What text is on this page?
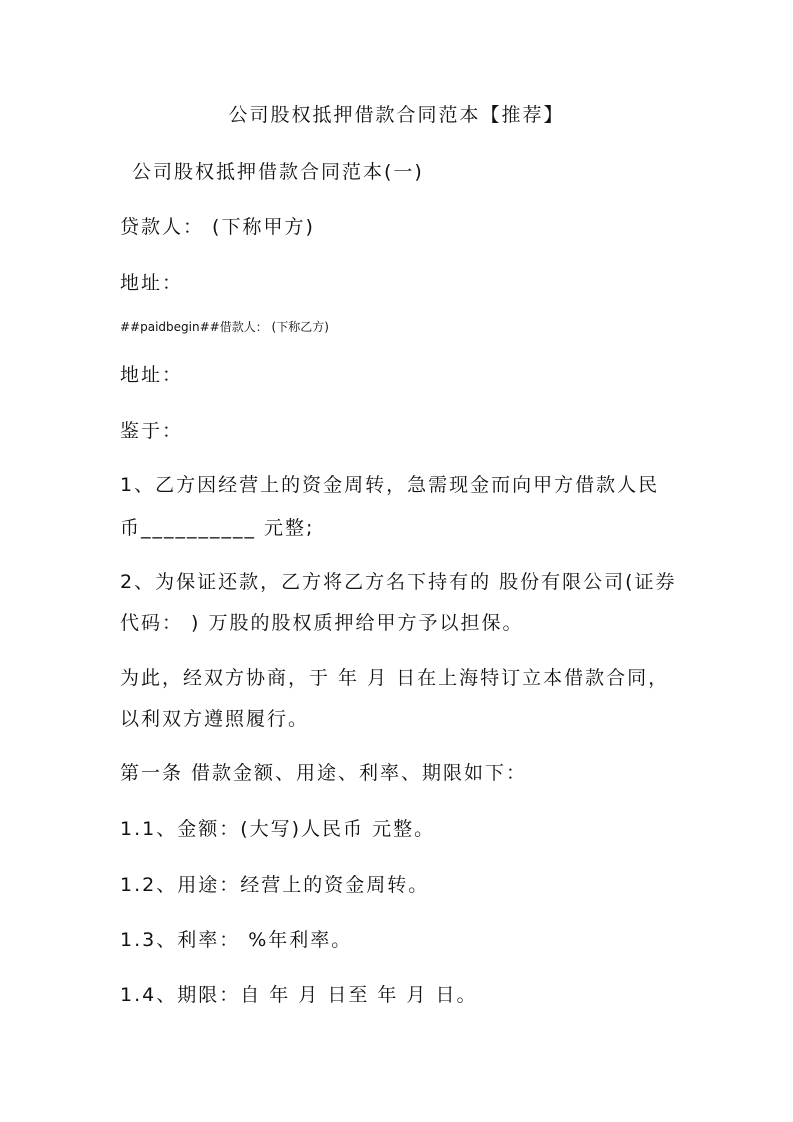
公司股权抵押借款合同范本【推荐】
公司股权抵押借款合同范本(一)
贷款人： (下称甲方)
地址：
##paidbegin##借款人： (下称乙方)
地址：
鉴于：
1、乙方因经营上的资金周转，急需现金而向甲方借款人民
币__________ 元整;
2、为保证还款，乙方将乙方名下持有的 股份有限公司(证券
代码： ) 万股的股权质押给甲方予以担保。
为此，经双方协商，于 年 月 日在上海特订立本借款合同，
以利双方遵照履行。
第一条 借款金额、用途、利率、期限如下：
1.1、金额：(大写)人民币 元整。
1.2、用途：经营上的资金周转。
1.3、利率： %年利率。
1.4、期限：自 年 月 日至 年 月 日。
